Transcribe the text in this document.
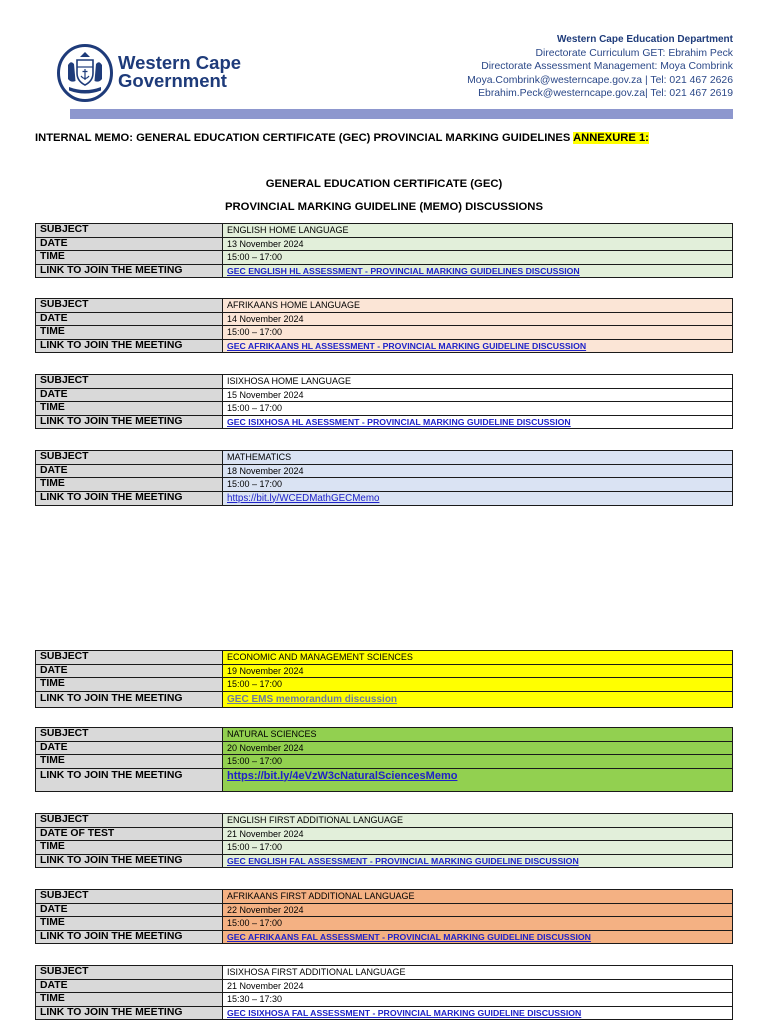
Western Cape
Government
Western Cape Education Department
Directorate Curriculum GET: Ebrahim Peck
Directorate Assessment Management: Moya Combrink
Moya.Combrink@westerncape.gov.za | Tel: 021 467 2626
Ebrahim.Peck@westerncape.gov.za| Tel: 021 467 2619
INTERNAL MEMO: GENERAL EDUCATION CERTIFICATE (GEC) PROVINCIAL MARKING GUIDELINES ANNEXURE 1:
GENERAL EDUCATION CERTIFICATE (GEC)
PROVINCIAL MARKING GUIDELINE (MEMO) DISCUSSIONS
SUBJECT	ENGLISH HOME LANGUAGE
DATE	13 November 2024
TIME	15:00 – 17:00
LINK TO JOIN THE MEETING	GEC ENGLISH HL ASSESSMENT - PROVINCIAL MARKING GUIDELINES DISCUSSION
SUBJECT	AFRIKAANS HOME LANGUAGE
DATE	14 November 2024
TIME	15:00 – 17:00
LINK TO JOIN THE MEETING	GEC AFRIKAANS HL ASSESSMENT - PROVINCIAL MARKING GUIDELINE DISCUSSION
SUBJECT	ISIXHOSA HOME LANGUAGE
DATE	15 November 2024
TIME	15:00 – 17:00
LINK TO JOIN THE MEETING	GEC ISIXHOSA HL ASESSMENT - PROVINCIAL MARKING GUIDELINE DISCUSSION
SUBJECT	MATHEMATICS
DATE	18 November 2024
TIME	15:00 – 17:00
LINK TO JOIN THE MEETING	https://bit.ly/WCEDMathGECMemo
SUBJECT	ECONOMIC AND MANAGEMENT SCIENCES
DATE	19 November 2024
TIME	15:00 – 17:00
LINK TO JOIN THE MEETING	GEC EMS memorandum discussion
SUBJECT	NATURAL SCIENCES
DATE	20 November 2024
TIME	15:00 – 17:00
LINK TO JOIN THE MEETING	https://bit.ly/4eVzW3cNaturalSciencesMemo
SUBJECT	ENGLISH FIRST ADDITIONAL LANGUAGE
DATE OF TEST	21 November 2024
TIME	15:00 – 17:00
LINK TO JOIN THE MEETING	GEC ENGLISH FAL ASSESSMENT - PROVINCIAL MARKING GUIDELINE DISCUSSION
SUBJECT	AFRIKAANS FIRST ADDITIONAL LANGUAGE
DATE	22 November 2024
TIME	15:00 – 17:00
LINK TO JOIN THE MEETING	GEC AFRIKAANS FAL ASSESSMENT - PROVINCIAL MARKING GUIDELINE DISCUSSION
SUBJECT	ISIXHOSA FIRST ADDITIONAL LANGUAGE
DATE	21 November 2024
TIME	15:30 – 17:30
LINK TO JOIN THE MEETING	GEC ISIXHOSA FAL ASSESSMENT - PROVINCIAL MARKING GUIDELINE DISCUSSION
